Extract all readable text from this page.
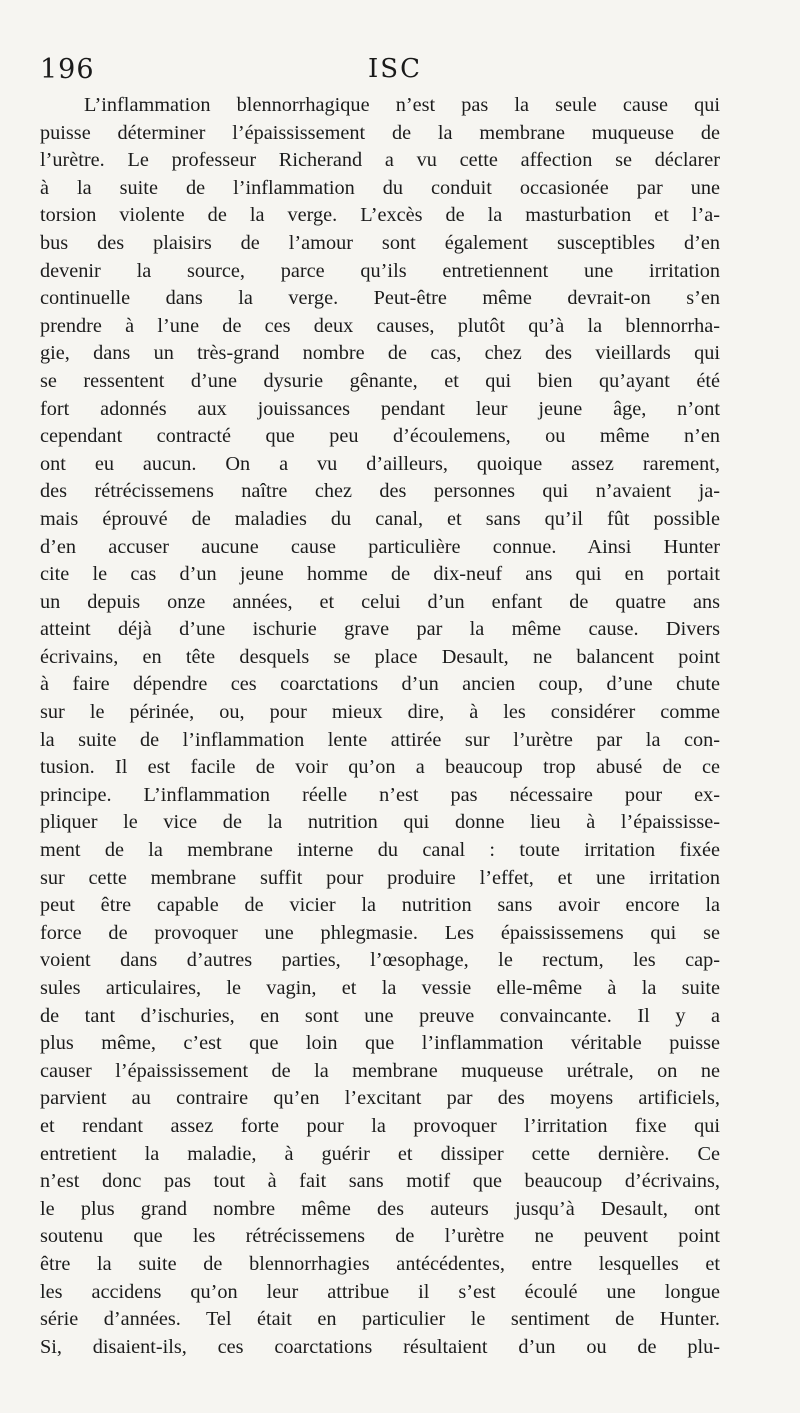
196	ISC
L’inflammation blennorrhagique n’est pas la seule cause qui
puisse déterminer l’épaississement de la membrane muqueuse de
l’urètre. Le professeur Richerand a vu cette affection se déclarer
à la suite de l’inflammation du conduit occasionée par une
torsion violente de la verge. L’excès de la masturbation et l’a-
bus des plaisirs de l’amour sont également susceptibles d’en
devenir la source, parce qu’ils entretiennent une irritation
continuelle dans la verge. Peut-être même devrait-on s’en
prendre à l’une de ces deux causes, plutôt qu’à la blennorrha-
gie, dans un très-grand nombre de cas, chez des vieillards qui
se ressentent d’une dysurie gênante, et qui bien qu’ayant été
fort adonnés aux jouissances pendant leur jeune âge, n’ont
cependant contracté que peu d’écoulemens, ou même n’en
ont eu aucun. On a vu d’ailleurs, quoique assez rarement,
des rétrécissemens naître chez des personnes qui n’avaient ja-
mais éprouvé de maladies du canal, et sans qu’il fût possible
d’en accuser aucune cause particulière connue. Ainsi Hunter
cite le cas d’un jeune homme de dix-neuf ans qui en portait
un depuis onze années, et celui d’un enfant de quatre ans
atteint déjà d’une ischurie grave par la même cause. Divers
écrivains, en tête desquels se place Desault, ne balancent point
à faire dépendre ces coarctations d’un ancien coup, d’une chute
sur le périnée, ou, pour mieux dire, à les considérer comme
la suite de l’inflammation lente attirée sur l’urètre par la con-
tusion. Il est facile de voir qu’on a beaucoup trop abusé de ce
principe. L’inflammation réelle n’est pas nécessaire pour ex-
pliquer le vice de la nutrition qui donne lieu à l’épaississe-
ment de la membrane interne du canal : toute irritation fixée
sur cette membrane suffit pour produire l’effet, et une irritation
peut être capable de vicier la nutrition sans avoir encore la
force de provoquer une phlegmasie. Les épaississemens qui se
voient dans d’autres parties, l’œsophage, le rectum, les cap-
sules articulaires, le vagin, et la vessie elle-même à la suite
de tant d’ischuries, en sont une preuve convaincante. Il y a
plus même, c’est que loin que l’inflammation véritable puisse
causer l’épaississement de la membrane muqueuse urétrale, on ne
parvient au contraire qu’en l’excitant par des moyens artificiels,
et rendant assez forte pour la provoquer l’irritation fixe qui
entretient la maladie, à guérir et dissiper cette dernière. Ce
n’est donc pas tout à fait sans motif que beaucoup d’écrivains,
le plus grand nombre même des auteurs jusqu’à Desault, ont
soutenu que les rétrécissemens de l’urètre ne peuvent point
être la suite de blennorrhagies antécédentes, entre lesquelles et
les accidens qu’on leur attribue il s’est écoulé une longue
série d’années. Tel était en particulier le sentiment de Hunter.
Si, disaient-ils, ces coarctations résultaient d’un ou de plu-
